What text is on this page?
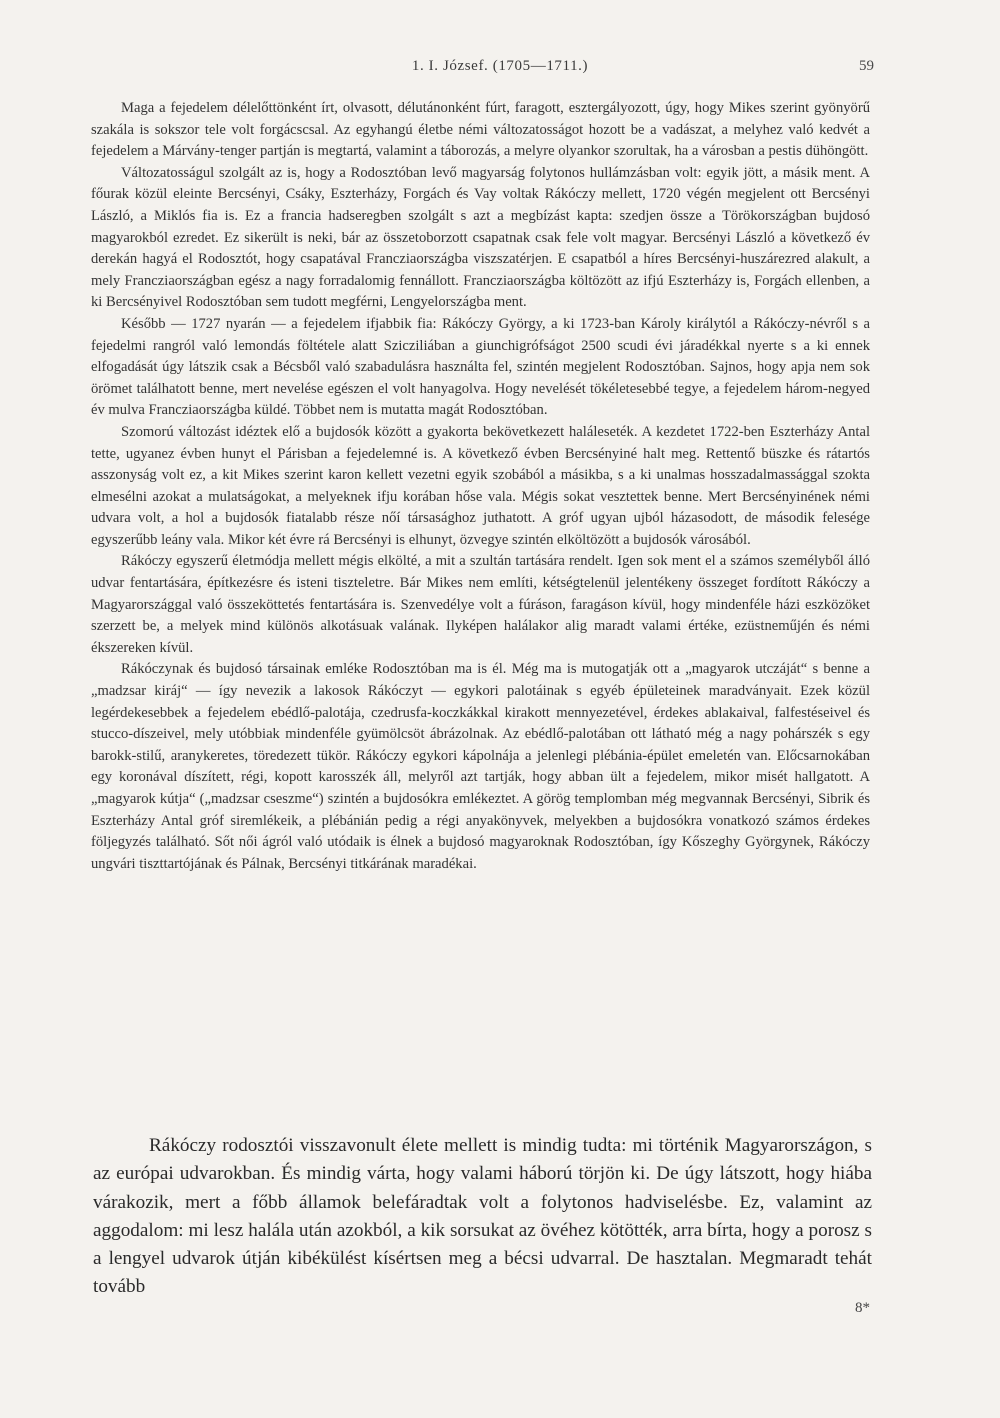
1. I. József. (1705—1711.)	59

Maga a fejedelem délelőttönként írt, olvasott, délutánonként fúrt, faragott, esztergályozott, úgy, hogy Mikes szerint gyönyörű szakála is sokszor tele volt forgácscsal. Az egyhangú életbe némi változatosságot hozott be a vadászat, a melyhez való kedvét a fejedelem a Márvány-tenger partján is megtartá, valamint a táborozás, a melyre olyankor szorultak, ha a városban a pestis dühöngött.

Változatosságul szolgált az is, hogy a Rodosztóban levő magyarság folytonos hullámzásban volt: egyik jött, a másik ment. A főurak közül eleinte Bercsényi, Csáky, Eszterházy, Forgách és Vay voltak Rákóczy mellett, 1720 végén megjelent ott Bercsényi László, a Miklós fia is. Ez a francia hadseregben szolgált s azt a megbízást kapta: szedjen össze a Törökországban bujdosó magyarokból ezredet. Ez sikerült is neki, bár az összetoborzott csapatnak csak fele volt magyar. Bercsényi László a következő év derekán hagyá el Rodosztót, hogy csapatával Francziaországba viszszatérjen. E csapatból a híres Bercsényi-huszárezred alakult, a mely Francziaországban egész a nagy forradalomig fennállott. Francziaországba költözött az ifjú Eszterházy is, Forgách ellenben, a ki Bercsényivel Rodosztóban sem tudott megférni, Lengyelországba ment.

Később — 1727 nyarán — a fejedelem ifjabbik fia: Rákóczy György, a ki 1723-ban Károly királytól a Rákóczy-névről s a fejedelmi rangról való lemondás föltétele alatt Szicziliában a giunchigrófságot 2500 scudi évi járadékkal nyerte s a ki ennek elfogadását úgy látszik csak a Bécsből való szabadulásra használta fel, szintén megjelent Rodosztóban. Sajnos, hogy apja nem sok örömet találhatott benne, mert nevelése egészen el volt hanyagolva. Hogy nevelését tökéletesebbé tegye, a fejedelem három-negyed év mulva Francziaországba küldé. Többet nem is mutatta magát Rodosztóban.

Szomorú változást idéztek elő a bujdosók között a gyakorta bekövetkezett haláleseték. A kezdetet 1722-ben Eszterházy Antal tette, ugyanez évben hunyt el Párisban a fejedelemné is. A következő évben Bercsényiné halt meg. Rettentő büszke és rátartós asszonyság volt ez, a kit Mikes szerint karon kellett vezetni egyik szobából a másikba, s a ki unalmas hosszadalmassággal szokta elmesélni azokat a mulatságokat, a melyeknek ifju korában hőse vala. Mégis sokat vesztettek benne. Mert Bercsényinének némi udvara volt, a hol a bujdosók fiatalabb része nőí társasághoz juthatott. A gróf ugyan ujból házasodott, de második felesége egyszerűbb leány vala. Mikor két évre rá Bercsényi is elhunyt, özvegye szintén elköltözött a bujdosók városából.

Rákóczy egyszerű életmódja mellett mégis elkölté, a mit a szultán tartására rendelt. Igen sok ment el a számos személyből álló udvar fentartására, építkezésre és isteni tiszteletre. Bár Mikes nem említi, kétségtelenül jelentékeny összeget fordított Rákóczy a Magyarországgal való összeköttetés fentartására is. Szenvedélye volt a fúráson, faragáson kívül, hogy mindenféle házi eszközöket szerzett be, a melyek mind különös alkotásuak valának. Ilyképen halálakor alig maradt valami értéke, ezüstneműjén és némi ékszereken kívül.

Rákóczynak és bujdosó társainak emléke Rodosztóban ma is él. Még ma is mutogatják ott a „magyarok utczáját“ s benne a „madzsar kiráj“ — így nevezik a lakosok Rákóczyt — egykori palotáinak s egyéb épületeinek maradványait. Ezek közül legérdekesebbek a fejedelem ebédlő-palotája, czedrusfa-koczkákkal kirakott mennyezetével, érdekes ablakaival, falfestéseivel és stucco-díszeivel, mely utóbbiak mindenféle gyümölcsöt ábrázolnak. Az ebédlő-palotában ott látható még a nagy pohárszék s egy barokk-stilű, aranykeretes, töredezett tükör. Rákóczy egykori kápolnája a jelenlegi plébánia-épület emeletén van. Előcsarnokában egy koronával díszített, régi, kopott karosszék áll, melyről azt tartják, hogy abban ült a fejedelem, mikor misét hallgatott. A „magyarok kútja“ („madzsar cseszme“) szintén a bujdosókra emlékeztet. A görög templomban még megvannak Bercsényi, Sibrik és Eszterházy Antal gróf siremlékeik, a plébánián pedig a régi anyakönyvek, melyekben a bujdosókra vonatkozó számos érdekes följegyzés található. Sőt női ágról való utódaik is élnek a bujdosó magyaroknak Rodosztóban, így Kőszeghy Györgynek, Rákóczy ungvári tiszttartójának és Pálnak, Bercsényi titkárának maradékai.

Rákóczy rodosztói visszavonult élete mellett is mindig tudta: mi történik Magyarországon, s az európai udvarokban. És mindig várta, hogy valami háború törjön ki. De úgy látszott, hogy hiába várakozik, mert a főbb államok belefáradtak volt a folytonos hadviselésbe. Ez, valamint az aggodalom: mi lesz halála után azokból, a kik sorsukat az övéhez kötötték, arra bírta, hogy a porosz s a lengyel udvarok útján kibékülést kísértsen meg a bécsi udvarral. De hasztalan. Megmaradt tehát tovább

8*
